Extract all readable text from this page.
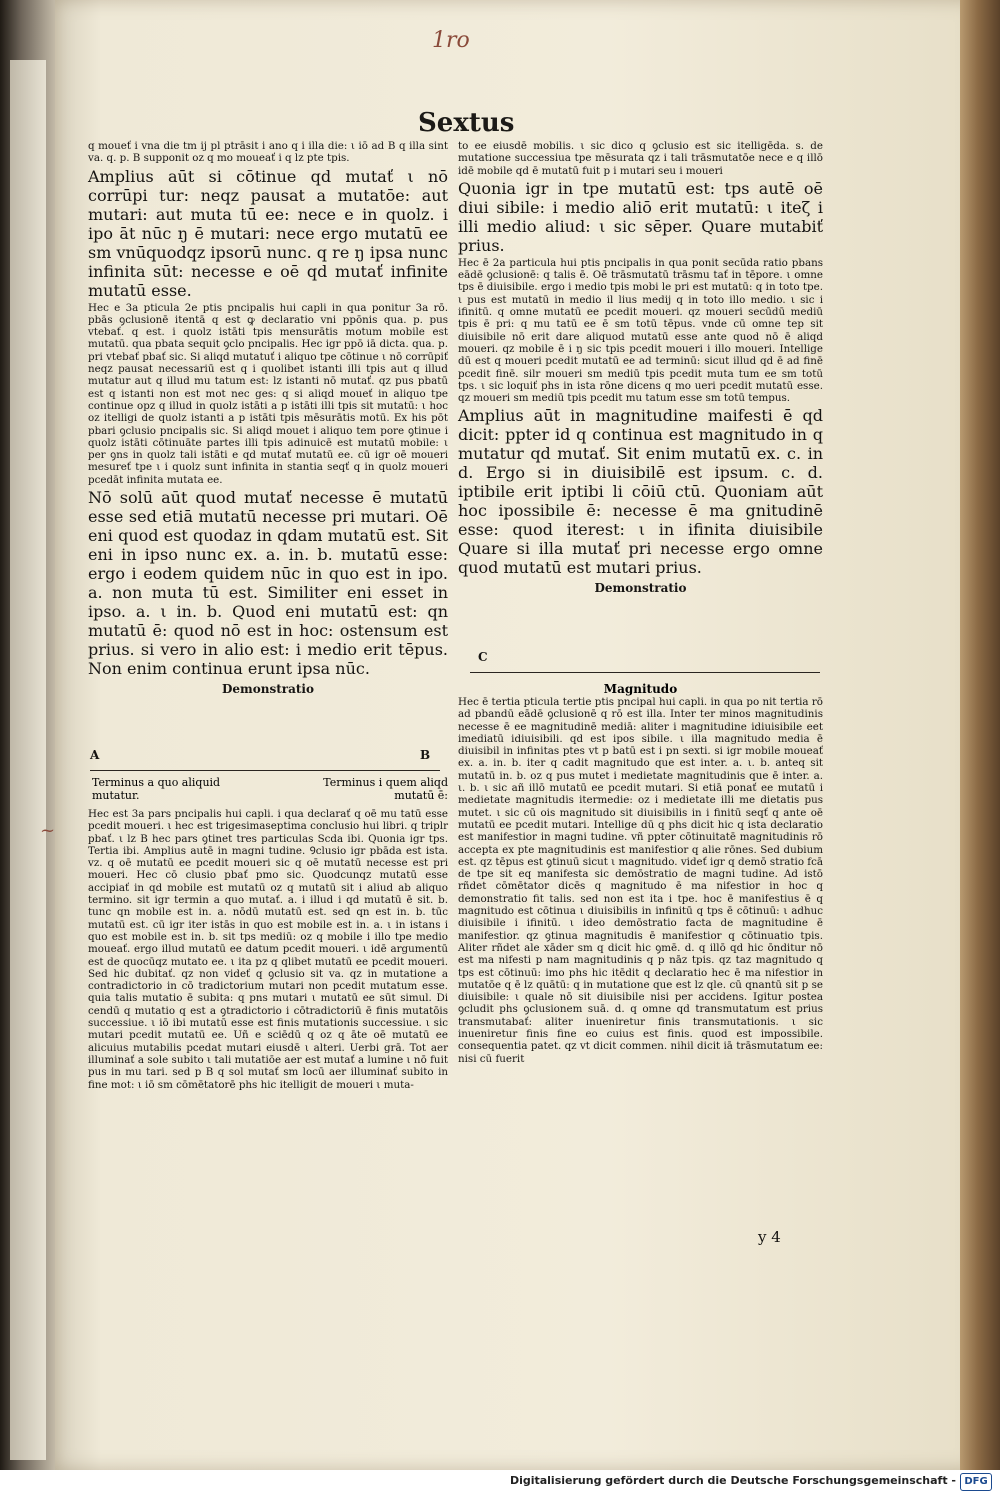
1ro
Sextus

q moueť i vna die tm ij pl ptrāsit i ano q i illa die: ι iō ad B q illa sint va. q. p. B supponit oz q mo moueať i q lz pte tpis.

Amplius aūt si cōtinue qd mutať ι nō corrūpi tur: neqz pausat a mutatōe: aut mutari: aut muta tū ee: nece e in quolz. i ipo āt nūc ŋ ē mutari: nece ergo mutatū ee sm vnūquodqz ipsorū nunc. q re ŋ ipsa nunc infinita sūt: necesse e oē qd mutať infinite mutatū esse.

Hec e 3a pticula 2e ptis pncipalis hui capli in qua ponitur 3a rō. pbās ꝯclusionē itentā q est ꝙ declaratio vni ppōnis qua. p. pus vtebať. q est. i quolz istāti tpis mensurātis motum mobile est mutatū. qua pbata sequit ꝯclo pncipalis. Hec igr ppō iā dicta. qua. p. pri vtebať pbať sic. Si aliqd mutatuť i aliquo tpe cōtinue ι nō corrūpiť neqz pausat necessariū est q i quolibet istanti illi tpis aut q illud mutatur aut q illud mu tatum est: lz istanti nō mutať. qz pus pbatū est q istanti non est mot nec ges: q si aliqd moueť in aliquo tpe continue opz q illud in quolz istāti a p istāti illi tpis sit mutatū: ι hoc oz itelligi de quolz istanti a p istāti tpis mēsurātis motū. Ex his pōt pbari ꝯclusio pncipalis sic. Si aliqd mouet i aliquo tem pore ꝯtinue i quolz istāti cōtinuāte partes illi tpis adinuicē est mutatū mobile: ι per ꝯns in quolz tali istāti e qd mutať mutatū ee. cū igr oē moueri mesureť tpe ι i quolz sunt infinita in stantia seqť q in quolz moueri pcedāt infinita mutata ee.

Nō solū aūt quod mutať necesse ē mutatū esse sed etiā mutatū necesse pri mutari. Oē eni quod est quodaz in qdam mutatū est. Sit eni in ipso nunc ex. a. in. b. mutatū esse: ergo i eodem quidem nūc in quo est in ipo. a. non muta tū est. Similiter eni esset in ipso. a. ι in. b. Quod eni mutatū est: qn mutatū ē: quod nō est in hoc: ostensum est prius. si vero in alio est: i medio erit tēpus. Non enim continua erunt ipsa nūc.

Demonstratio
A	B
Terminus a quo aliquid mutatur.
Terminus i quem aliqd mutatū ē:
~

Hec est 3a pars pncipalis hui capli. i qua declarať q oē mu tatū esse pcedit moueri. ι hec est trigesimaseptima conclusio hui libri. q triplr pbať. ι lz B hec pars ꝯtinet tres particulas Scda ibi. Quonia igr tps. Tertia ibi. Amplius autē in magni tudine. Ꝯclusio igr pbāda est ista. vz. q oē mutatū ee pcedit moueri sic q oē mutatū necesse est pri moueri. Hec cō clusio pbať pmo sic. Quodcunqz mutatū esse accipiať in qd mobile est mutatū oz q mutatū sit i aliud ab aliquo termino. sit igr termin a quo mutať. a. i illud i qd mutatū ē sit. b. tunc qn mobile est in. a. nōdū mutatū est. sed qn est in. b. tūc mutatū est. cū igr iter istās in quo est mobile est in. a. ι in istans i quo est mobile est in. b. sit tps mediū: oz q mobile i illo tpe medio moueať. ergo illud mutatū ee datum pcedit moueri. ι idē argumentū est de quocūqz mutato ee. ι ita pz q qlibet mutatū ee pcedit moueri. Sed hic dubitať. qz non videť q ꝯclusio sit va. qz in mutatione a contradictorio in cō tradictorium mutari non pcedit mutatum esse. quia talis mutatio ē subita: q pns mutari ι mutatū ee sūt simul. Di cendū q mutatio q est a ꝯtradictorio i cōtradictoriū ē finis mutatōis successiue. ι iō ibi mutatū esse est finis mutationis successiue. ι sic mutari pcedit mutatū ee. Uñ e sciēdū q oz q āte oē mutatū ee alicuius mutabilis pcedat mutari eiusdē ι alteri. Uerbi grā. Tot aer illuminať a sole subito ι tali mutatiōe aer est mutať a lumine ι nō fuit pus in mu tari. sed p B q sol mutať sm locū aer illuminať subito in fine mot: ι iō sm cōmētatorē phs hic itelligit de moueri ι muta-

to ee eiusdē mobilis. ι sic dico q ꝯclusio est sic itelligēda. s. de mutatione successiua tpe mēsurata qz i tali trāsmutatōe nece e q illō idē mobile qd ē mutatū fuit p i mutari seu i moueri

Quonia igr in tpe mutatū est: tps autē oē diui sibile: i medio aliō erit mutatū: ι iteζ i illi medio aliud: ι sic sēper. Quare mutabiť prius.

Hec ē 2a particula hui ptis pncipalis in qua ponit secūda ratio pbans eādē ꝯclusionē: q talis ē. Oē trāsmutatū trāsmu tať in tēpore. ι omne tps ē diuisibile. ergo i medio tpis mobi le pri est mutatū: q in toto tpe. ι pus est mutatū in medio il lius medij q in toto illo medio. ι sic i ifinitū. q omne mutatū ee pcedit moueri. qz moueri secūdū mediū tpis ē pri: q mu tatū ee ē sm totū tēpus. vnde cū omne tep sit diuisibile nō erit dare aliquod mutatū esse ante quod nō ē aliqd moueri. qz mobile ē i ŋ sic tpis pcedit moueri i illo moueri. Intellige dū est q moueri pcedit mutatū ee ad terminū: sicut illud qd ē ad finē pcedit finē. silr moueri sm mediū tpis pcedit muta tum ee sm totū tps. ι sic loquiť phs in ista rōne dicens q mo ueri pcedit mutatū esse. qz moueri sm mediū tpis pcedit mu tatum esse sm totū tempus.

Amplius aūt in magnitudine maifesti ē qd dicit: ppter id q continua est magnitudo in q mutatur qd mutať. Sit enim mutatū ex. c. in d. Ergo si in diuisibilē est ipsum. c. d. iptibile erit iptibi li cōiū ctū. Quoniam aūt hoc ipossibile ē: necesse ē ma gnitudinē esse: quod iterest: ι in ifinita diuisibile Quare si illa mutať pri necesse ergo omne quod mutatū est mutari prius.

Demonstratio
C
Magnitudo

Hec ē tertia pticula tertie ptis pncipal hui capli. in qua po nit tertia rō ad pbandū eādē ꝯclusionē q rō est illa. Inter ter minos magnitudinis necesse ē ee magnitudinē mediā: aliter i magnitudine idiuisibile eet imediatū idiuisibili. qd est ipos sibile. ι illa magnitudo media ē diuisibil in infinitas ptes vt p batū est i pn sexti. si igr mobile moueať ex. a. in. b. iter q cadit magnitudo que est inter. a. ι. b. anteq sit mutatū in. b. oz q pus mutet i medietate magnitudinis que ē inter. a. ι. b. ι sic añ illō mutatū ee pcedit mutari. Si etiā ponať ee mutatū i medietate magnitudis itermedie: oz i medietate illi me dietatis pus mutet. ι sic cū ois magnitudo sit diuisibilis in i finitū seqť q ante oē mutatū ee pcedit mutari. Intellige dū q phs dicit hic q ista declaratio est manifestior in magni tudine. vñ ppter cōtinuitatē magnitudinis rō accepta ex pte magnitudinis est manifestior q alie rōnes. Sed dubium est. qz tēpus est ꝯtinuū sicut ι magnitudo. videť igr q demō stratio fcā de tpe sit eq manifesta sic demōstratio de magni tudine. Ad istō rñdet cōmētator dicēs q magnitudo ē ma nifestior in hoc q demonstratio fit talis. sed non est ita i tpe. hoc ē manifestius ē q magnitudo est cōtinua ι diuisibilis in infinitū q tps ē cōtinuū: ι adhuc diuisibile i ifinitū. ι ideo demōstratio facta de magnitudine ē manifestior. qz ꝯtinua magnitudis ē manifestior q cōtinuatio tpis. Aliter rñdet ale xāder sm q dicit hic ꝯmē. d. q illō qd hic ōnditur nō est ma nifesti p nam magnitudinis q p nāz tpis. qz taz magnitudo q tps est cōtinuū: imo phs hic itēdit q declaratio hec ē ma nifestior in mutatōe q ē lz quātū: q in mutatione que est lz qle. cū qnantū sit p se diuisibile: ι quale nō sit diuisibile nisi per accidens. Igitur postea ꝯcludit phs ꝯclusionem suā. d. q omne qd transmutatum est prius transmutabať: aliter inueniretur finis transmutationis. ι sic inueniretur finis fine eo cuius est finis. quod est impossibile. consequentia patet. qz vt dicit commen. nihil dicit iā trāsmutatum ee: nisi cū fuerit

y 4
Digitalisierung gefördert durch die Deutsche Forschungsgemeinschaft - DFG
